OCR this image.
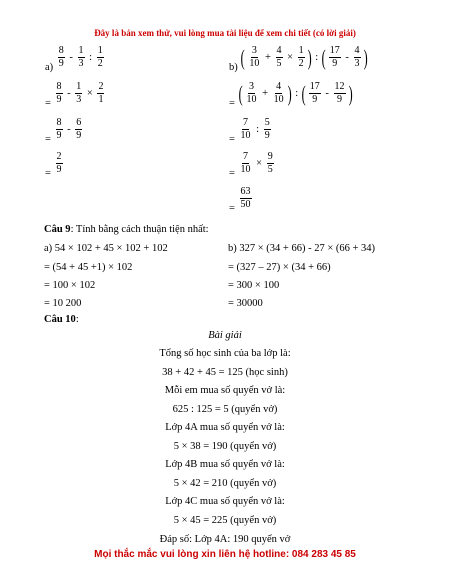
Đây là bản xem thử, vui lòng mua tài liệu để xem chi tiết (có lời giải)
$a) \frac{8}{9} - \frac{1}{3}$ : $\frac{1}{2}$
= $\frac{8}{9} - \frac{1}{3} \times \frac{2}{1}$
= $\frac{8}{9} - \frac{6}{9}$
= $\frac{2}{9}$
b) ( $\frac{3}{10} + \frac{4}{5} \times \frac{1}{2}$ ) : ( $\frac{17}{9} - \frac{4}{3}$ )
= ( $\frac{3}{10} + \frac{4}{10}$ ) : ( $\frac{17}{9} - \frac{12}{9}$ )
= $\frac{7}{10}$ : $\frac{5}{9}$
= $\frac{7}{10} \times \frac{9}{5}$
= $\frac{63}{50}$
Câu 9: Tính bằng cách thuận tiện nhất:
a) 54 × 102 + 45 × 102 + 102
= (54 + 45 +1) × 102
= 100 × 102
= 10 200
b) 327 × (34 + 66) - 27 × (66 + 34)
= (327 – 27) × (34 + 66)
= 300 × 100
= 30000
Câu 10:
Bài giải
Tổng số học sinh của ba lớp là:
38 + 42 + 45 = 125 (học sinh)
Mỗi em mua số quyển vở là:
625 : 125 = 5 (quyển vở)
Lớp 4A mua số quyển vở là:
5 × 38 = 190 (quyển vở)
Lớp 4B mua số quyển vở là:
5 × 42 = 210 (quyển vở)
Lớp 4C mua số quyển vở là:
5 × 45 = 225 (quyển vở)
Đáp số: Lớp 4A: 190 quyển vở
Mọi thắc mắc vui lòng xin liên hệ hotline: 084 283 45 85
